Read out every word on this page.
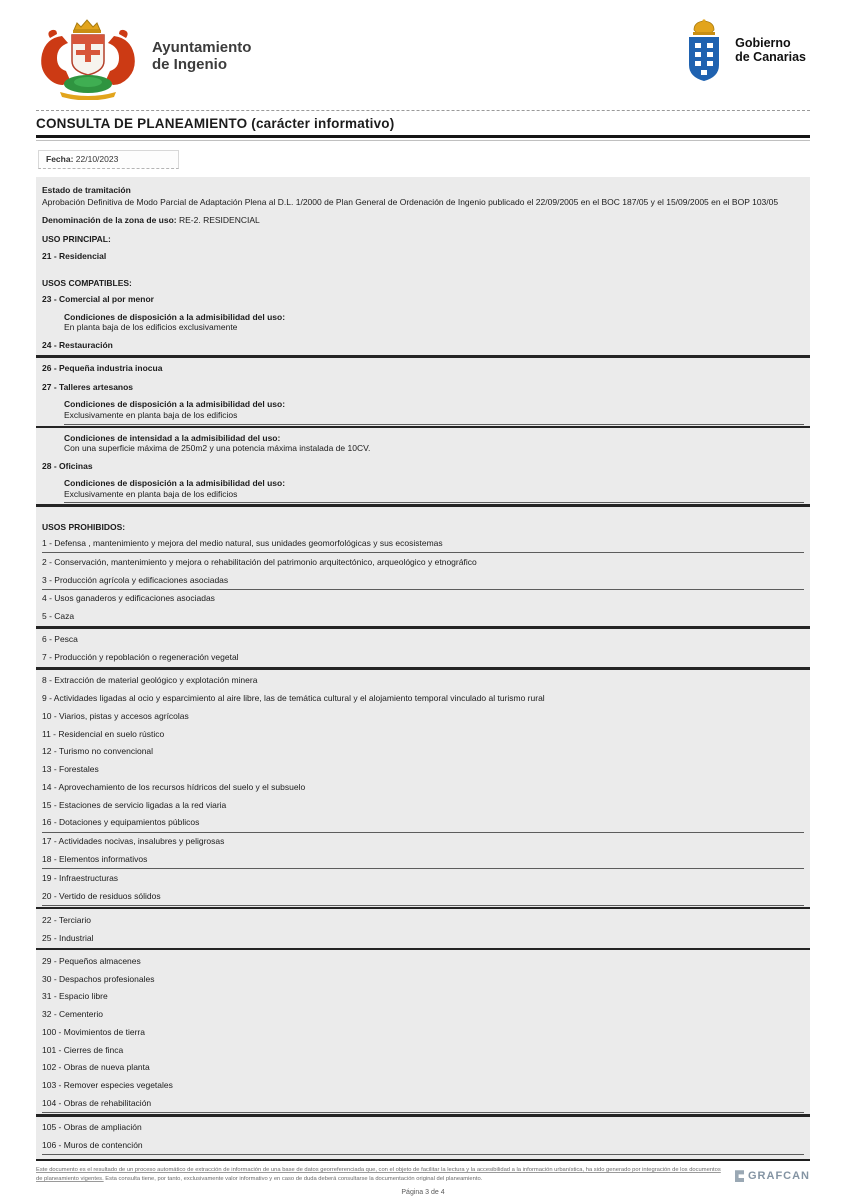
Ayuntamiento
de Ingenio
Gobierno
de Canarias
CONSULTA DE PLANEAMIENTO (carácter informativo)
Fecha: 22/10/2023
Estado de tramitación
Aprobación Definitiva de Modo Parcial de Adaptación Plena al D.L. 1/2000 de Plan General de Ordenación de Ingenio publicado el 22/09/2005 en el BOC 187/05 y el 15/09/2005 en el BOP 103/05
Denominación de la zona de uso: RE-2. RESIDENCIAL
USO PRINCIPAL:
21 - Residencial
USOS COMPATIBLES:
23 - Comercial al por menor
Condiciones de disposición a la admisibilidad del uso:
En planta baja de los edificios exclusivamente
24 - Restauración
26 - Pequeña industria inocua
27 - Talleres artesanos
Condiciones de disposición a la admisibilidad del uso:
Exclusivamente en planta baja de los edificios
Condiciones de intensidad a la admisibilidad del uso:
Con una superficie máxima de 250m2 y una potencia máxima instalada de 10CV.
28 - Oficinas
Condiciones de disposición a la admisibilidad del uso:
Exclusivamente en planta baja de los edificios
USOS PROHIBIDOS:
1 - Defensa , mantenimiento y mejora del medio natural, sus unidades geomorfológicas y sus ecosistemas
2 - Conservación, mantenimiento y mejora o rehabilitación del patrimonio arquitectónico, arqueológico y etnográfico
3 - Producción agrícola y edificaciones asociadas
4 - Usos ganaderos y edificaciones asociadas
5 - Caza
6 - Pesca
7 - Producción y repoblación o regeneración vegetal
8 - Extracción de material geológico y explotación minera
9 - Actividades ligadas al ocio y esparcimiento al aire libre, las de temática cultural y el alojamiento temporal vinculado al turismo rural
10 - Viarios, pistas y accesos agrícolas
11 - Residencial en suelo rústico
12 - Turismo no convencional
13 - Forestales
14 - Aprovechamiento de los recursos hídricos del suelo y el subsuelo
15 - Estaciones de servicio ligadas a la red viaria
16 - Dotaciones y equipamientos públicos
17 - Actividades nocivas, insalubres y peligrosas
18 - Elementos informativos
19 - Infraestructuras
20 - Vertido de residuos sólidos
22 - Terciario
25 - Industrial
29 - Pequeños almacenes
30 - Despachos profesionales
31 - Espacio libre
32 - Cementerio
100 - Movimientos de tierra
101 - Cierres de finca
102 - Obras de nueva planta
103 - Remover especies vegetales
104 - Obras de rehabilitación
105 - Obras de ampliación
106 - Muros de contención
Este documento es el resultado de un proceso automático de extracción de información de una base de datos georreferenciada que, con el objeto de facilitar la lectura y la accesibilidad a la información urbanística, ha sido generado por integración de los documentos de planeamiento vigentes. Esta consulta tiene, por tanto, exclusivamente valor informativo y en caso de duda deberá consultarse la documentación original del planeamiento.	GRAFCAN
Página 3 de 4
